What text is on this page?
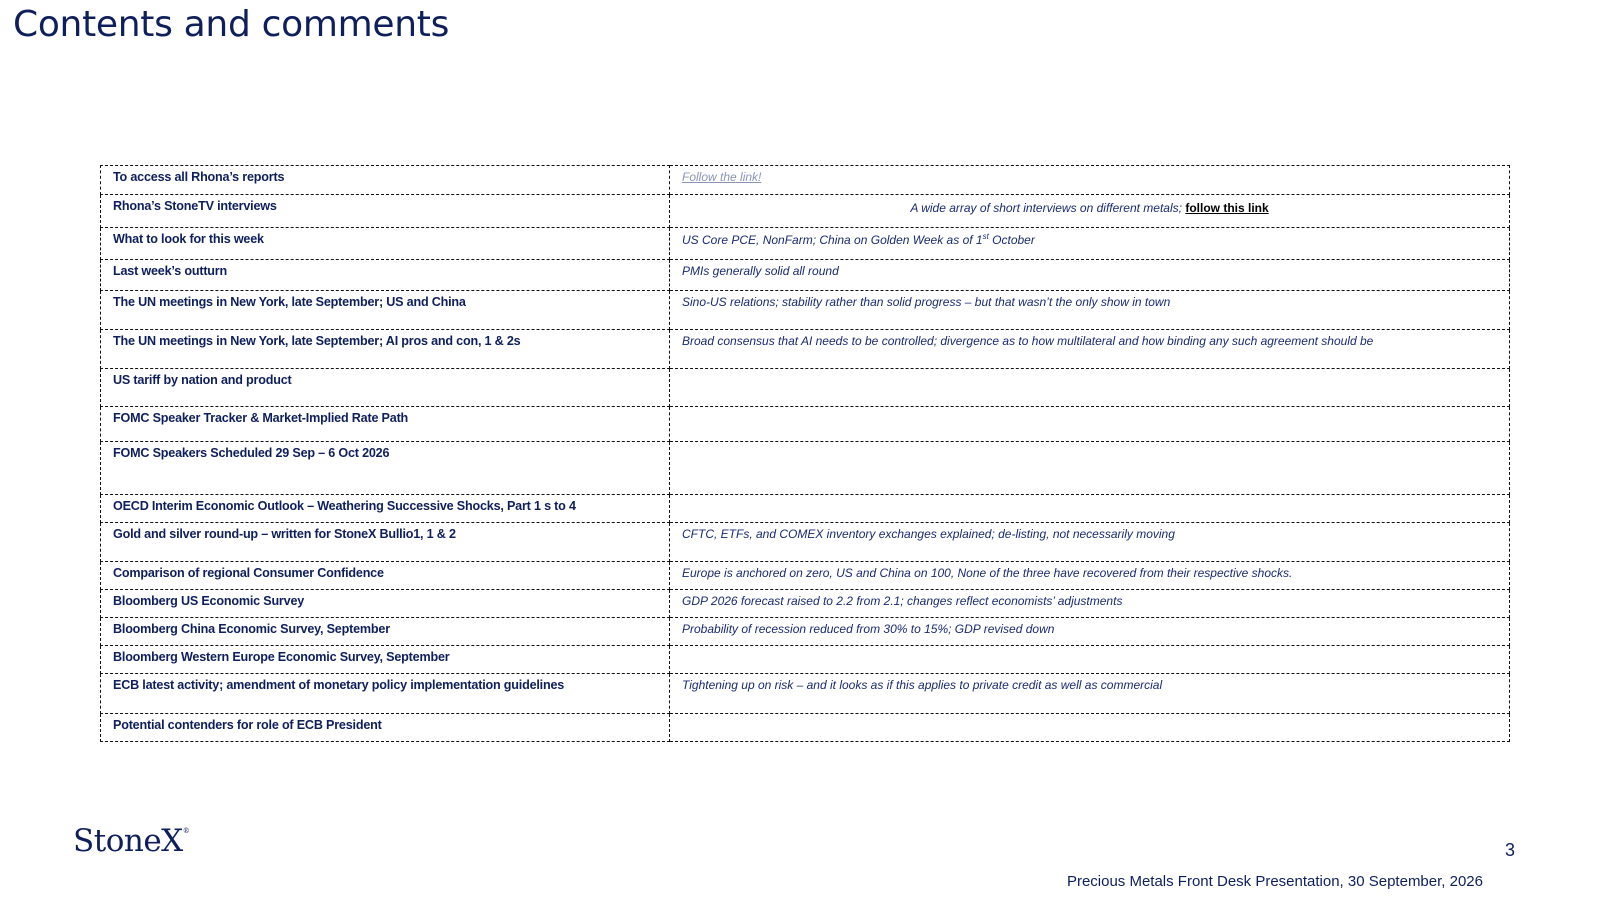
Contents and comments
To access all Rhona’s reports	Follow the link!
Rhona’s StoneTV interviews	A wide array of short interviews on different metals; follow this link
What to look for this week	US Core PCE, NonFarm; China on Golden Week as of 1st October
Last week’s outturn	PMIs generally solid all round
The UN meetings in New York, late September; US and China	Sino-US relations; stability rather than solid progress – but that wasn’t the only show in town
The UN meetings in New York, late September; AI pros and con, 1 & 2s	Broad consensus that AI needs to be controlled; divergence as to how multilateral and how binding any such agreement should be
US tariff by nation and product	
FOMC Speaker Tracker & Market-Implied Rate Path	
FOMC Speakers Scheduled 29 Sep – 6 Oct 2026	
OECD Interim Economic Outlook – Weathering Successive Shocks, Part 1 s to 4	
Gold and silver round-up – written for StoneX Bullio1, 1 & 2	CFTC, ETFs, and COMEX inventory exchanges explained; de-listing, not necessarily moving
Comparison of regional Consumer Confidence	Europe is anchored on zero, US and China on 100, None of the three have recovered from their respective shocks.
Bloomberg US Economic Survey	GDP 2026 forecast raised to 2.2 from 2.1; changes reflect economists’ adjustments
Bloomberg China Economic Survey, September	Probability of recession reduced from 30% to 15%; GDP revised down
Bloomberg Western Europe Economic Survey, September	
ECB latest activity; amendment of monetary policy implementation guidelines	Tightening up on risk – and it looks as if this applies to private credit as well as commercial
Potential contenders for role of ECB President	
StoneX®
3
Precious Metals Front Desk Presentation, 30 September, 2026
